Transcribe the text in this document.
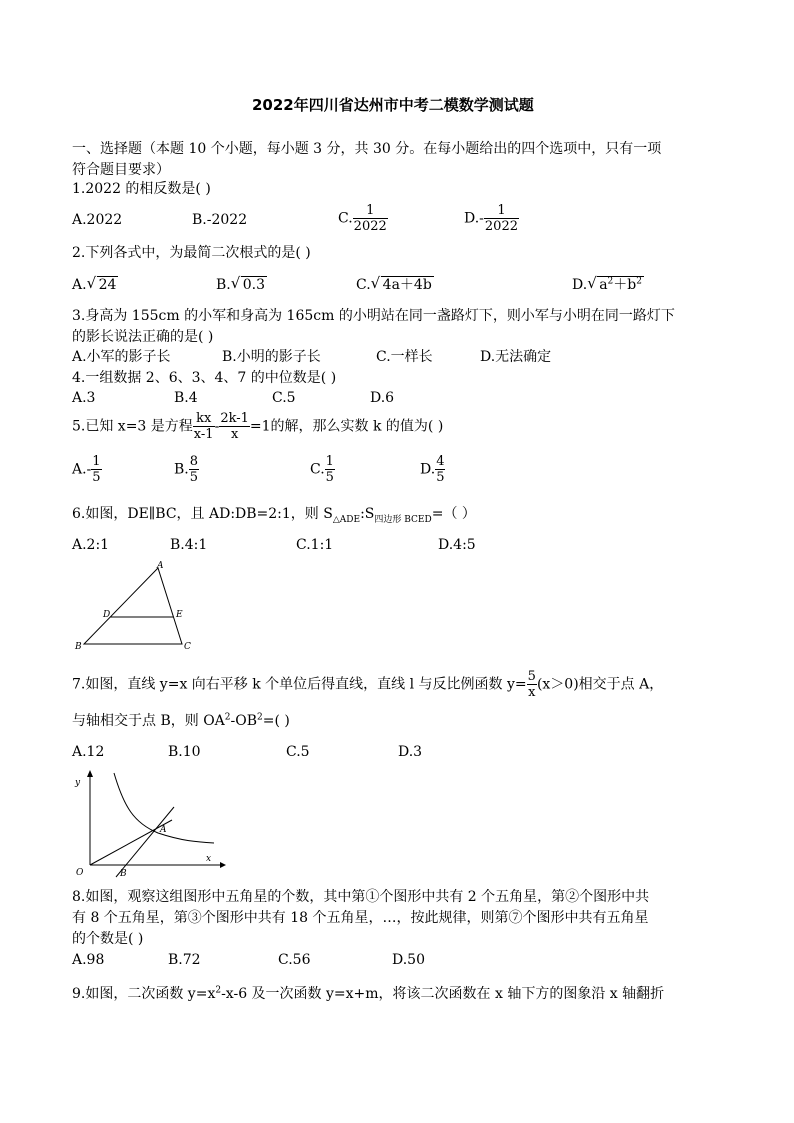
2022年四川省达州市中考二模数学测试题
一、选择题（本题 10 个小题，每小题 3 分，共 30 分。在每小题给出的四个选项中，只有一项
符合题目要求）
1.2022 的相反数是( )
A.2022	B.-2022	C. $\frac{1}{2022}$	$D.- \frac{1}{2022}$
2.下列各式中，为最简二次根式的是( )
A. √ 24	B. √ 0.3	C. √ 4a＋4b	D. √ $a^2+b^2$
3.身高为 155cm 的小军和身高为 165cm 的小明站在同一盏路灯下，则小军与小明在同一路灯下
的影长说法正确的是( )
A.小军的影子长	B.小明的影子长	C.一样长	D.无法确定
4.一组数据 2、6、3、4、7 的中位数是( )
A.3	B.4	C.5	D.6
5.已知 x=3 是方程 $\frac{kx}{x-1} - \frac{2k-1}{x} =1$的解，那么实数 k 的值为( )
$A.- \frac{1}{5}$	B. $\frac{8}{5}$	C. $\frac{1}{5}$	D. $\frac{4}{5}$
6.如图，DE∥BC，且 AD:DB=2:1，则 $S_{\triangle ADE}:S_{四边形 BCED}=$（ ）
A.2:1	B.4:1	C.1:1	D.4:5
A
B	C
D	E
7.如图，直线 y=x 向右平移 k 个单位后得直线，直线 l 与反比例函数 $y= \frac{5}{x} (x>0)$相交于点 A，
与轴相交于点 B，则 $OA^2-OB^2=$( )
A.12	B.10	C.5	D.3
y
x
O
A
B
8.如图，观察这组图形中五角星的个数，其中第①个图形中共有 2 个五角星，第②个图形中共
有 8 个五角星，第③个图形中共有 18 个五角星，…，按此规律，则第⑦个图形中共有五角星
的个数是( )
A.98	B.72	C.56	D.50
9.如图，二次函数 $y=x^2-x-6$ 及一次函数 y=x+m，将该二次函数在 x 轴下方的图象沿 x 轴翻折
